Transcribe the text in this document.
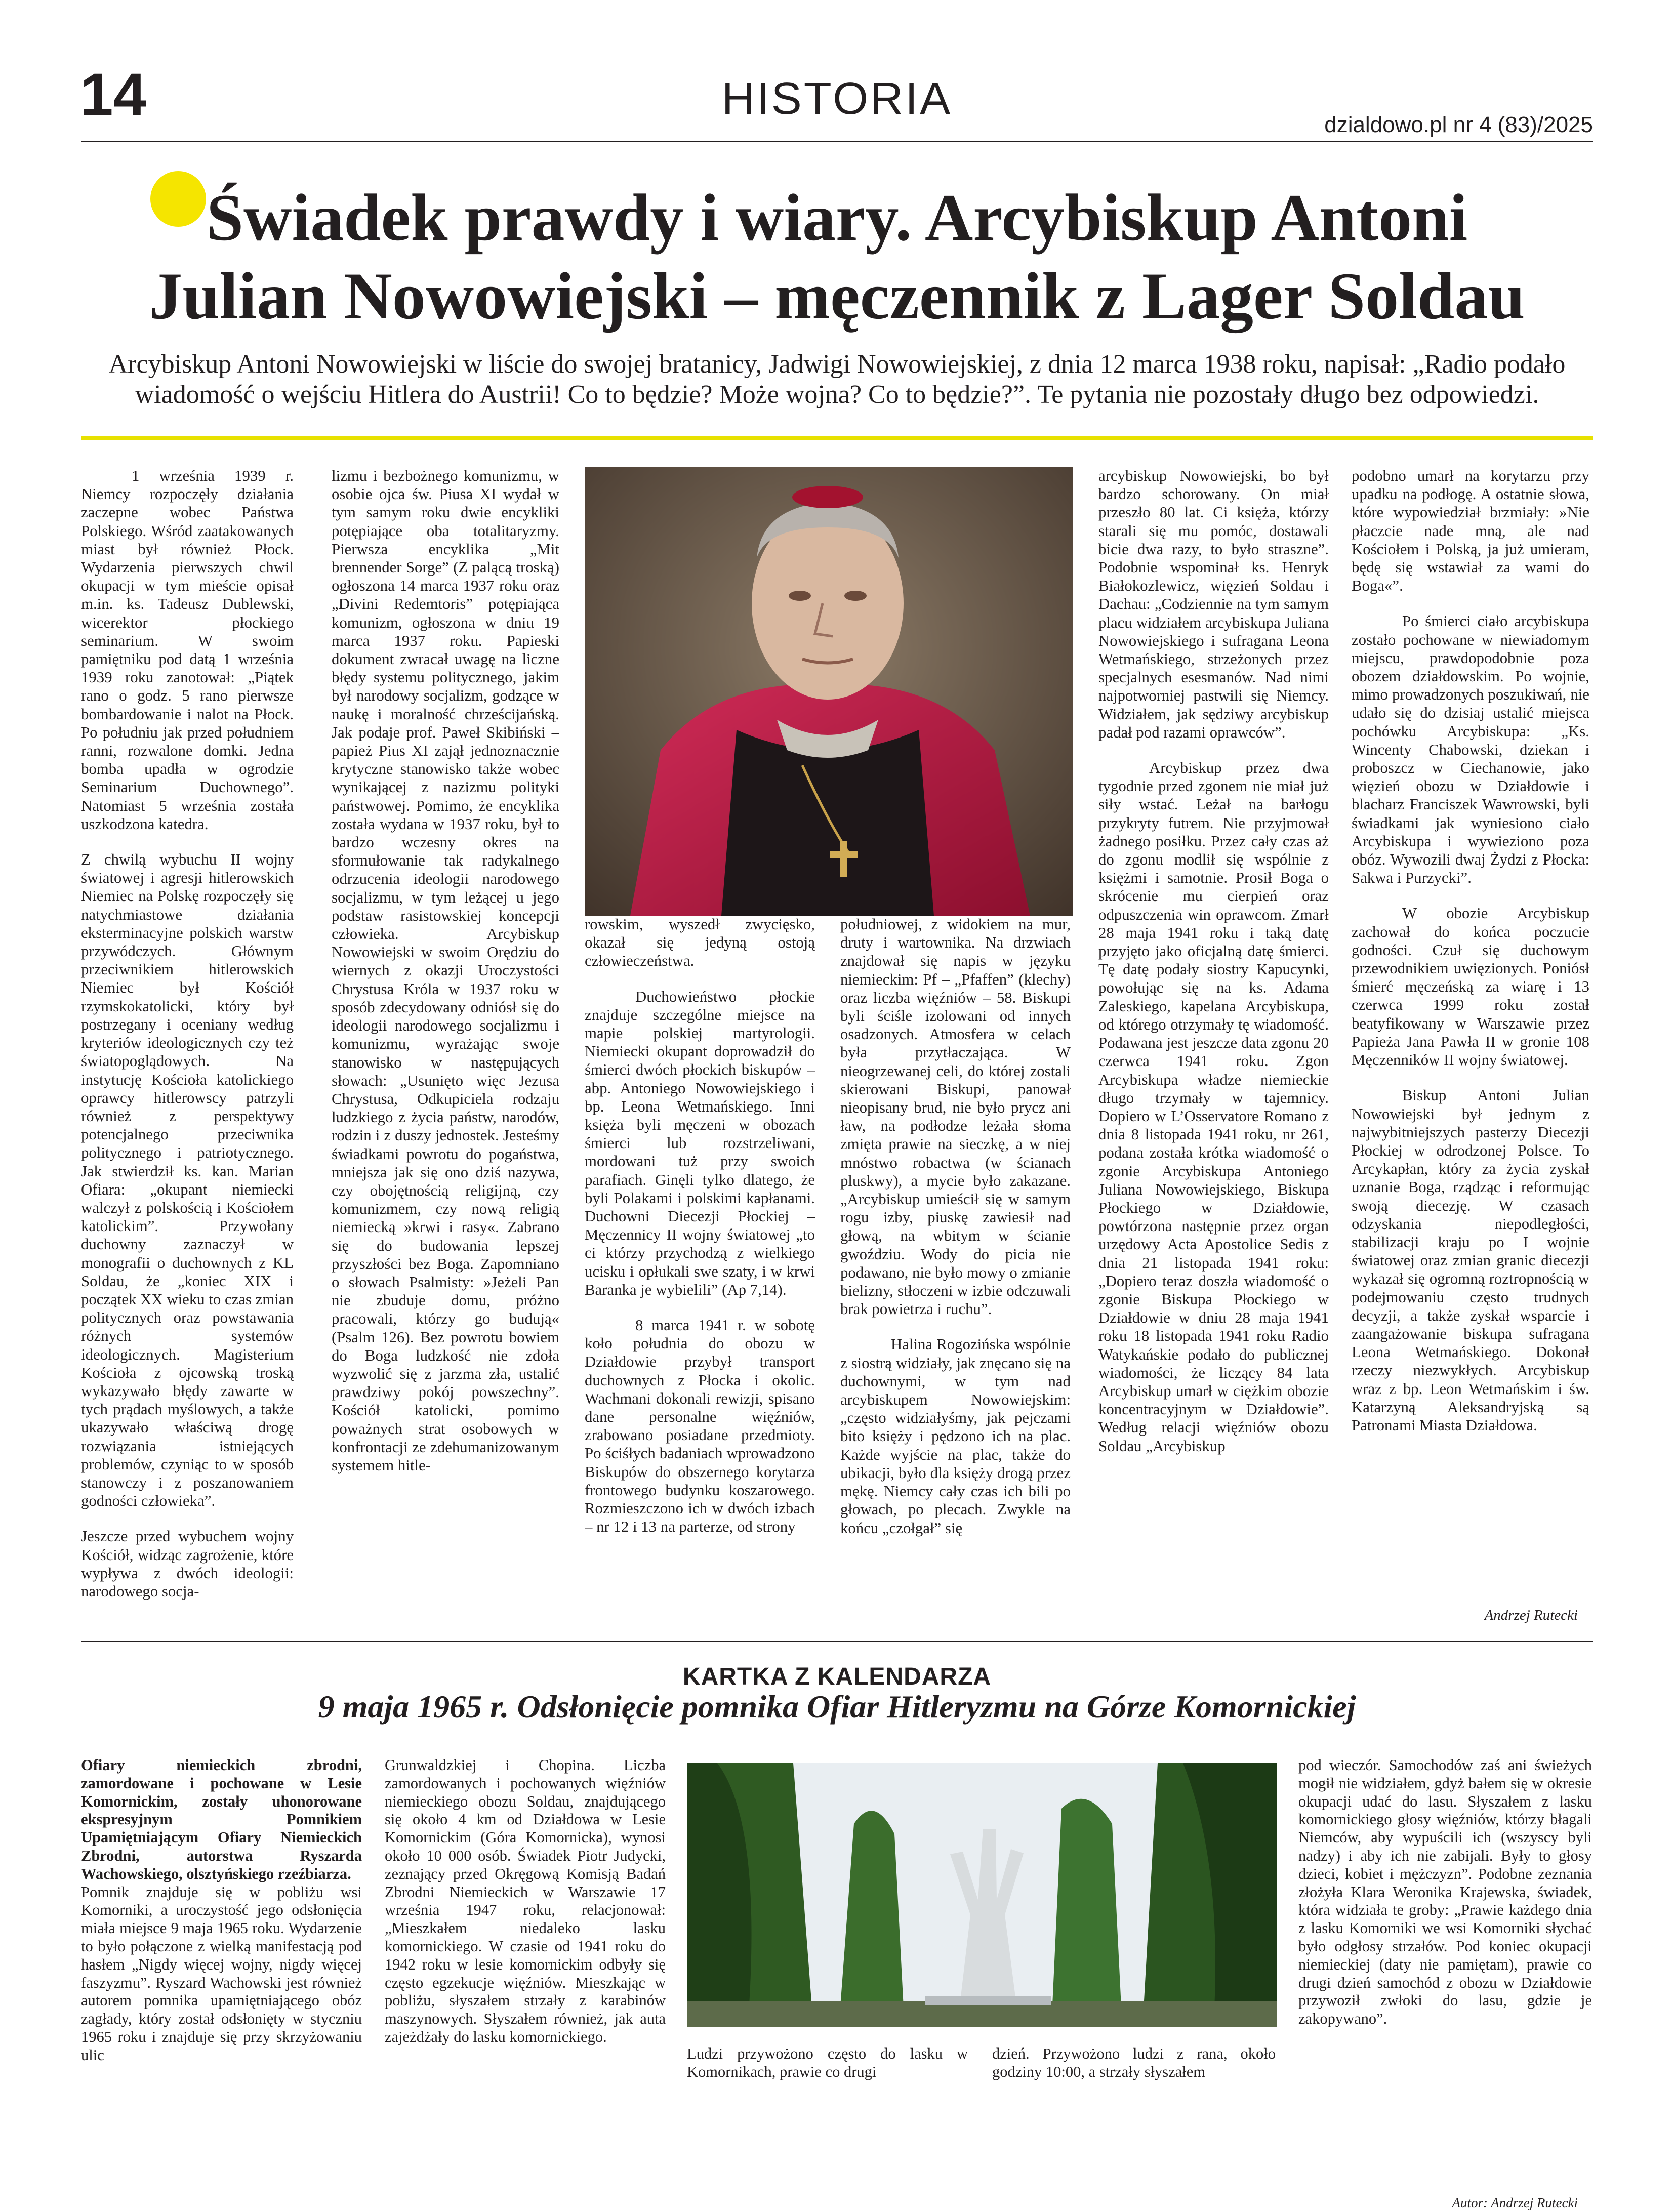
14	HISTORIA
dzialdowo.pl nr 4 (83)/2025
Świadek prawdy i wiary. Arcybiskup Antoni
Julian Nowowiejski – męczennik z Lager Soldau
Arcybiskup Antoni Nowowiejski w liście do swojej bratanicy, Jadwigi Nowowiejskiej, z dnia 12 marca 1938 roku, napisał: „Radio podało
wiadomość o wejściu Hitlera do Austrii! Co to będzie? Może wojna? Co to będzie?”. Te pytania nie pozostały długo bez odpowiedzi.

1 września 1939 r. Niemcy rozpoczęły działania zaczepne wobec Państwa Polskiego. Wśród zaatakowanych miast był również Płock. Wydarzenia pierwszych chwil okupacji w tym mieście opisał m.in. ks. Tadeusz Dublewski, wicerektor płockiego seminarium. W swoim pamiętniku pod datą 1 września 1939 roku zanotował: „Piątek rano o godz. 5 rano pierwsze bombardowanie i nalot na Płock. Po południu jak przed południem ranni, rozwalone domki. Jedna bomba upadła w ogrodzie Seminarium Duchownego”. Natomiast 5 września została uszkodzona katedra.

Z chwilą wybuchu II wojny światowej i agresji hitlerowskich Niemiec na Polskę rozpoczęły się natychmiastowe działania eksterminacyjne polskich warstw przywódczych. Głównym przeciwnikiem hitlerowskich Niemiec był Kościół rzymskokatolicki, który był postrzegany i oceniany według kryteriów ideologicznych czy też światopoglądowych. Na instytucję Kościoła katolickiego oprawcy hitlerowscy patrzyli również z perspektywy potencjalnego przeciwnika politycznego i patriotycznego. Jak stwierdził ks. kan. Marian Ofiara: „okupant niemiecki walczył z polskością i Kościołem katolickim”. Przywołany duchowny zaznaczył w monografii o duchownych z KL Soldau, że „koniec XIX i początek XX wieku to czas zmian politycznych oraz powstawania różnych systemów ideologicznych. Magisterium Kościoła z ojcowską troską wykazywało błędy zawarte w tych prądach myślowych, a także ukazywało właściwą drogę rozwiązania istniejących problemów, czyniąc to w sposób stanowczy i z poszanowaniem godności człowieka”.

Jeszcze przed wybuchem wojny Kościół, widząc zagrożenie, które wypływa z dwóch ideologii: narodowego socja-

lizmu i bezbożnego komunizmu, w osobie ojca św. Piusa XI wydał w tym samym roku dwie encykliki potępiające oba totalitaryzmy. Pierwsza encyklika „Mit brennender Sorge” (Z palącą troską) ogłoszona 14 marca 1937 roku oraz „Divini Redemtoris” potępiająca komunizm, ogłoszona w dniu 19 marca 1937 roku. Papieski dokument zwracał uwagę na liczne błędy systemu politycznego, jakim był narodowy socjalizm, godzące w naukę i moralność chrześcijańską. Jak podaje prof. Paweł Skibiński – papież Pius XI zajął jednoznacznie krytyczne stanowisko także wobec wynikającej z nazizmu polityki państwowej. Pomimo, że encyklika została wydana w 1937 roku, był to bardzo wczesny okres na sformułowanie tak radykalnego odrzucenia ideologii narodowego socjalizmu, w tym leżącej u jego podstaw rasistowskiej koncepcji człowieka. Arcybiskup Nowowiejski w swoim Orędziu do wiernych z okazji Uroczystości Chrystusa Króla w 1937 roku w sposób zdecydowany odniósł się do ideologii narodowego socjalizmu i komunizmu, wyrażając swoje stanowisko w następujących słowach: „Usunięto więc Jezusa Chrystusa, Odkupiciela rodzaju ludzkiego z życia państw, narodów, rodzin i z duszy jednostek. Jesteśmy świadkami powrotu do pogaństwa, mniejsza jak się ono dziś nazywa, czy obojętnością religijną, czy komunizmem, czy nową religią niemiecką »krwi i rasy«. Zabrano się do budowania lepszej przyszłości bez Boga. Zapomniano o słowach Psalmisty: »Jeżeli Pan nie zbuduje domu, próżno pracowali, którzy go budują« (Psalm 126). Bez powrotu bowiem do Boga ludzkość nie zdoła wyzwolić się z jarzma zła, ustalić prawdziwy pokój powszechny”. Kościół katolicki, pomimo poważnych strat osobowych w konfrontacji ze zdehumanizowanym systemem hitle-

rowskim, wyszedł zwycięsko, okazał się jedyną ostoją człowieczeństwa.

Duchowieństwo płockie znajduje szczególne miejsce na mapie polskiej martyrologii. Niemiecki okupant doprowadził do śmierci dwóch płockich biskupów – abp. Antoniego Nowowiejskiego i bp. Leona Wetmańskiego. Inni księża byli męczeni w obozach śmierci lub rozstrzeliwani, mordowani tuż przy swoich parafiach. Ginęli tylko dlatego, że byli Polakami i polskimi kapłanami. Duchowni Diecezji Płockiej – Męczennicy II wojny światowej „to ci którzy przychodzą z wielkiego ucisku i opłukali swe szaty, i w krwi Baranka je wybielili” (Ap 7,14).

8 marca 1941 r. w sobotę koło południa do obozu w Działdowie przybył transport duchownych z Płocka i okolic. Wachmani dokonali rewizji, spisano dane personalne więźniów, zrabowano posiadane przedmioty. Po ściśłych badaniach wprowadzono Biskupów do obszernego korytarza frontowego budynku koszarowego. Rozmieszczono ich w dwóch izbach – nr 12 i 13 na parterze, od strony

południowej, z widokiem na mur, druty i wartownika. Na drzwiach znajdował się napis w języku niemieckim: Pf – „Pfaffen” (klechy) oraz liczba więźniów – 58. Biskupi byli ściśle izolowani od innych osadzonych. Atmosfera w celach była przytłaczająca. W nieogrzewanej celi, do której zostali skierowani Biskupi, panował nieopisany brud, nie było prycz ani ław, na podłodze leżała słoma zmięta prawie na sieczkę, a w niej mnóstwo robactwa (w ścianach pluskwy), a mycie było zakazane. „Arcybiskup umieścił się w samym rogu izby, piuskę zawiesił nad głową, na wbitym w ścianie gwoździu. Wody do picia nie podawano, nie było mowy o zmianie bielizny, stłoczeni w izbie odczuwali brak powietrza i ruchu”.

Halina Rogozińska wspólnie z siostrą widziały, jak znęcano się na duchownymi, w tym nad arcybiskupem Nowowiejskim: „często widziałyśmy, jak pejczami bito księży i pędzono ich na plac. Każde wyjście na plac, także do ubikacji, było dla księży drogą przez mękę. Niemcy cały czas ich bili po głowach, po plecach. Zwykle na końcu „czołgał” się

arcybiskup Nowowiejski, bo był bardzo schorowany. On miał przeszło 80 lat. Ci księża, którzy starali się mu pomóc, dostawali bicie dwa razy, to było straszne”. Podobnie wspominał ks. Henryk Białokozlewicz, więzień Soldau i Dachau: „Codziennie na tym samym placu widziałem arcybiskupa Juliana Nowowiejskiego i sufragana Leona Wetmańskiego, strzeżonych przez specjalnych esesmanów. Nad nimi najpotworniej pastwili się Niemcy. Widziałem, jak sędziwy arcybiskup padał pod razami oprawców”.

Arcybiskup przez dwa tygodnie przed zgonem nie miał już siły wstać. Leżał na barłogu przykryty futrem. Nie przyjmował żadnego posiłku. Przez cały czas aż do zgonu modlił się wspólnie z księżmi i samotnie. Prosił Boga o skrócenie mu cierpień oraz odpuszczenia win oprawcom. Zmarł 28 maja 1941 roku i taką datę przyjęto jako oficjalną datę śmierci. Tę datę podały siostry Kapucynki, powołując się na ks. Adama Zaleskiego, kapelana Arcybiskupa, od którego otrzymały tę wiadomość. Podawana jest jeszcze data zgonu 20 czerwca 1941 roku. Zgon Arcybiskupa władze niemieckie długo trzymały w tajemnicy. Dopiero w L’Osservatore Romano z dnia 8 listopada 1941 roku, nr 261, podana została krótka wiadomość o zgonie Arcybiskupa Antoniego Juliana Nowowiejskiego, Biskupa Płockiego w Działdowie, powtórzona następnie przez organ urzędowy Acta Apostolice Sedis z dnia 21 listopada 1941 roku: „Dopiero teraz doszła wiadomość o zgonie Biskupa Płockiego w Działdowie w dniu 28 maja 1941 roku 18 listopada 1941 roku Radio Watykańskie podało do publicznej wiadomości, że liczący 84 lata Arcybiskup umarł w ciężkim obozie koncentracyjnym w Działdowie”. Według relacji więźniów obozu Soldau „Arcybiskup

podobno umarł na korytarzu przy upadku na podłogę. A ostatnie słowa, które wypowiedział brzmiały: »Nie płaczcie nade mną, ale nad Kościołem i Polską, ja już umieram, będę się wstawiał za wami do Boga«”.

Po śmierci ciało arcybiskupa zostało pochowane w niewiadomym miejscu, prawdopodobnie poza obozem działdowskim. Po wojnie, mimo prowadzonych poszukiwań, nie udało się do dzisiaj ustalić miejsca pochówku Arcybiskupa: „Ks. Wincenty Chabowski, dziekan i proboszcz w Ciechanowie, jako więzień obozu w Działdowie i blacharz Franciszek Wawrowski, byli świadkami jak wyniesiono ciało Arcybiskupa i wywieziono poza obóz. Wywozili dwaj Żydzi z Płocka: Sakwa i Purzycki”.

W obozie Arcybiskup zachował do końca poczucie godności. Czuł się duchowym przewodnikiem uwięzionych. Poniósł śmierć męczeńską za wiarę i 13 czerwca 1999 roku został beatyfikowany w Warszawie przez Papieża Jana Pawła II w gronie 108 Męczenników II wojny światowej.

Biskup Antoni Julian Nowowiejski był jednym z najwybitniejszych pasterzy Diecezji Płockiej w odrodzonej Polsce. To Arcykapłan, który za życia zyskał uznanie Boga, rządząc i reformując swoją diecezję. W czasach odzyskania niepodległości, stabilizacji kraju po I wojnie światowej oraz zmian granic diecezji wykazał się ogromną roztropnością w podejmowaniu często trudnych decyzji, a także zyskał wsparcie i zaangażowanie biskupa sufragana Leona Wetmańskiego. Dokonał rzeczy niezwykłych. Arcybiskup wraz z bp. Leon Wetmańskim i św. Katarzyną Aleksandryjską są Patronami Miasta Działdowa.

Andrzej Rutecki
KARTKA Z KALENDARZA
9 maja 1965 r. Odsłonięcie pomnika Ofiar Hitleryzmu na Górze Komornickiej

Ofiary niemieckich zbrodni, zamordowane i pochowane w Lesie Komornickim, zostały uhonorowane ekspresyjnym Pomnikiem Upamiętniającym Ofiary Niemieckich Zbrodni, autorstwa Ryszarda Wachowskiego, olsztyńskiego rzeźbiarza.

Pomnik znajduje się w pobliżu wsi Komorniki, a uroczystość jego odsłonięcia miała miejsce 9 maja 1965 roku. Wydarzenie to było połączone z wielką manifestacją pod hasłem „Nigdy więcej wojny, nigdy więcej faszyzmu”. Ryszard Wachowski jest również autorem pomnika upamiętniającego obóz zagłady, który został odsłonięty w styczniu 1965 roku i znajduje się przy skrzyżowaniu ulic

Grunwaldzkiej i Chopina. Liczba zamordowanych i pochowanych więźniów niemieckiego obozu Soldau, znajdującego się około 4 km od Działdowa w Lesie Komornickim (Góra Komornicka), wynosi około 10 000 osób. Świadek Piotr Judycki, zeznający przed Okręgową Komisją Badań Zbrodni Niemieckich w Warszawie 17 września 1947 roku, relacjonował: „Mieszkałem niedaleko lasku komornickiego. W czasie od 1941 roku do 1942 roku w lesie komornickim odbyły się często egzekucje więźniów. Mieszkając w pobliżu, słyszałem strzały z karabinów maszynowych. Słyszałem również, jak auta zajeżdżały do lasku komornickiego.

Ludzi przywożono często do lasku w Komornikach, prawie co drugi

dzień. Przywożono ludzi z rana, około godziny 10:00, a strzały słyszałem

pod wieczór. Samochodów zaś ani świeżych mogił nie widziałem, gdyż bałem się w okresie okupacji udać do lasu. Słyszałem z lasku komornickiego głosy więźniów, którzy błagali Niemców, aby wypuścili ich (wszyscy byli nadzy) i aby ich nie zabijali. Były to głosy dzieci, kobiet i mężczyzn”. Podobne zeznania złożyła Klara Weronika Krajewska, świadek, która widziała te groby: „Prawie każdego dnia z lasku Komorniki we wsi Komorniki słychać było odgłosy strzałów. Pod koniec okupacji niemieckiej (daty nie pamiętam), prawie co drugi dzień samochód z obozu w Działdowie przywoził zwłoki do lasu, gdzie je zakopywano”.

Autor: Andrzej Rutecki
